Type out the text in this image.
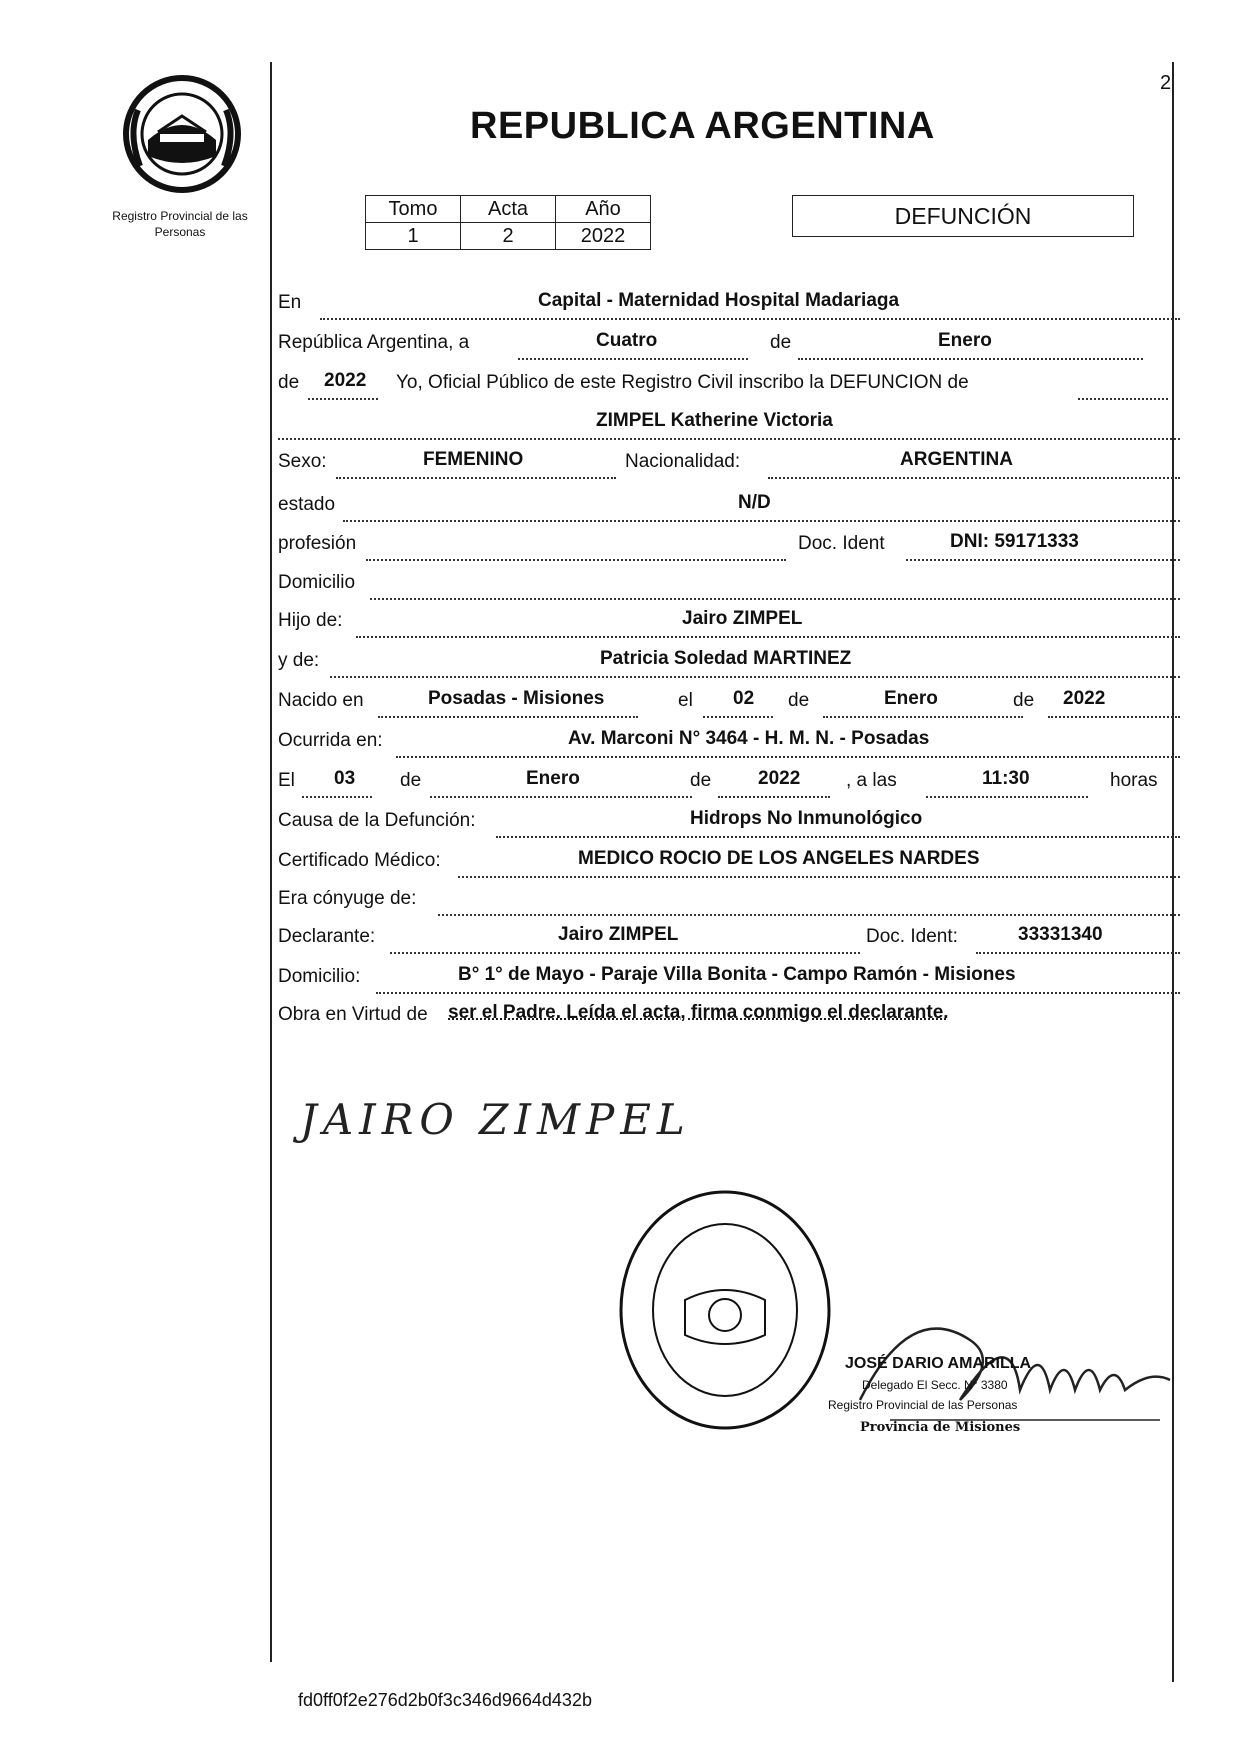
Registro Provincial de las Personas
2
REPUBLICA ARGENTINA
Tomo	Acta	Año
1	2	2022
DEFUNCIÓN
En	Capital - Maternidad Hospital Madariaga
República Argentina, a	Cuatro	de	Enero
de 2022 Yo, Oficial Público de este Registro Civil inscribo la DEFUNCION de
ZIMPEL Katherine Victoria
Sexo:	FEMENINO	Nacionalidad:	ARGENTINA
estado	N/D
profesión	Doc. Ident	DNI: 59171333
Domicilio
Hijo de:	Jairo ZIMPEL
y de:	Patricia Soledad MARTINEZ
Nacido en	Posadas - Misiones	el 02 de	Enero	de 2022
Ocurrida en:	Av. Marconi N° 3464 - H. M. N. - Posadas
El 03 de	Enero	de 2022 , a las	11:30	horas
Causa de la Defunción:	Hidrops No Inmunológico
Certificado Médico:	MEDICO ROCIO DE LOS ANGELES NARDES
Era cónyuge de:
Declarante:	Jairo ZIMPEL	Doc. Ident:	33331340
Domicilio:	B° 1° de Mayo - Paraje Villa Bonita - Campo Ramón - Misiones
Obra en Virtud de ser el Padre. Leída el acta, firma conmigo el declarante.
JAIRO ZIMPEL
JOSÉ DARIO AMARILLA
Delegado El Secc. N° 3380
Registro Provincial de las Personas
Provincia de Misiones
fd0ff0f2e276d2b0f3c346d9664d432b
